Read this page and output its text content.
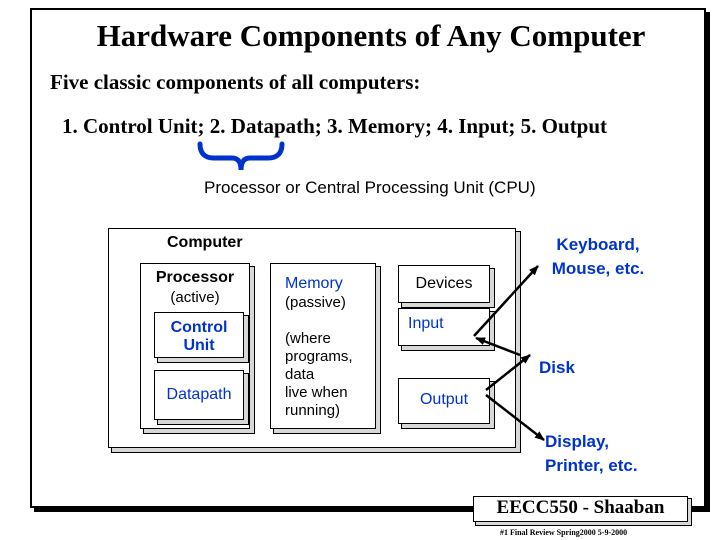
Hardware Components of Any Computer
Five classic components of all computers:
1. Control Unit; 2. Datapath; 3. Memory; 4. Input; 5. Output
Processor or Central Processing Unit (CPU)
Computer
Processor
(active)
Control
Unit
Datapath
Memory
(passive)
(where
programs,
data
live when
running)
Devices
Input
Output
Keyboard,
Mouse, etc.
Disk
Display,
Printer, etc.
EECC550 - Shaaban
#1 Final Review Spring2000 5-9-2000
